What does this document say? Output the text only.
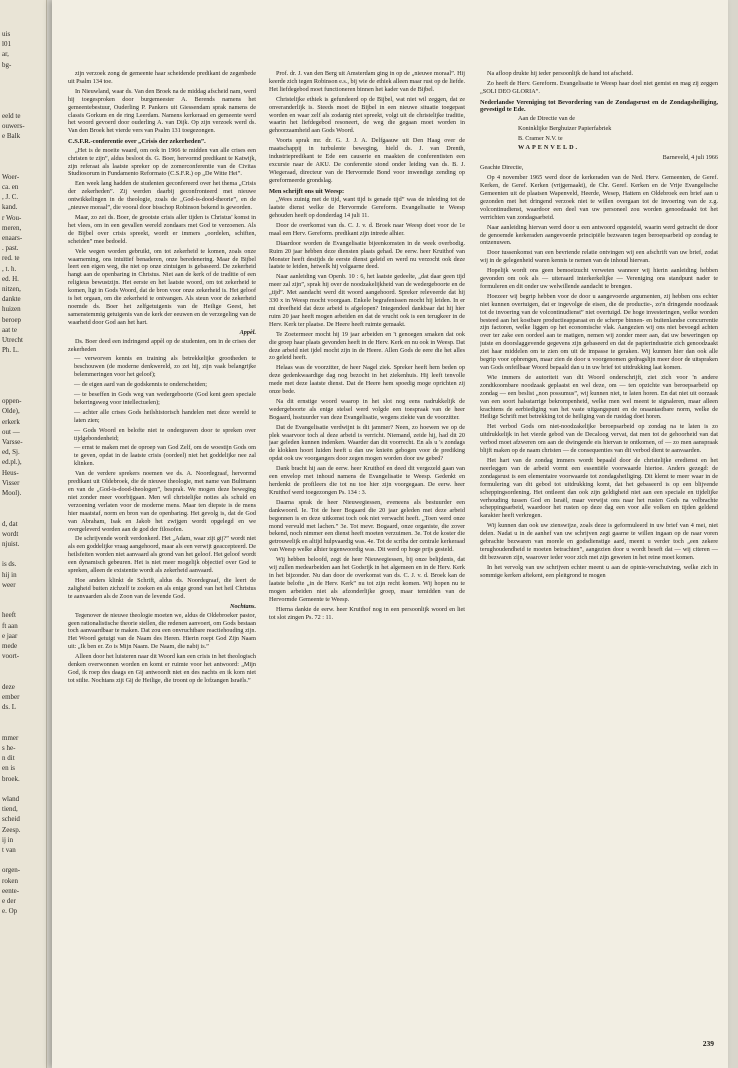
uis
l01
ar,
bg-
eeld te
ouwers-
e Balk
Woer-
ca. en
, J. C.
kand.
r Wou-
meren,
enaars-
. past.
red. te
, t. h.
ed. H.
nitzen,
dankte
huizen
beroep
aat te
Utrecht
Ph. L.
oppen-
Olde),
erkerk
out —
Varsse-
ed, Sj.
ed.pl.),
Heus-
Visser
Mool).
d, dat
wordt
njuist.
is ds.
hij in
weer
heeft
ft aan
e jaar
mede
voort-
deze
ember
ds. L
mmer
s he-
n dit
en is
broek.
wland
tiend,
scheid
Zeesp.
ij in
t van
orgen-
roken
eente-
e der
e. Op

zijn verzoek zong de gemeente haar scheidende predikant de zegenbede uit Psalm 134 toe.

In Nieuwland, waar ds. Van den Broek na de middag afscheid nam, werd hij toegesproken door burgemeester A. Berends namens het gemeentebestuur, Ouderling P. Pankers uit Giessendam sprak namens de classis Gorkum en de ring Leerdam. Namens kerkeraad en gemeente werd het woord gevoerd door ouderling A. van Dijk. Op zijn verzoek werd ds. Van den Broek het vierde vers van Psalm 131 toegezongen.

C.S.F.R.-conferentie over „Crisis der zekerheden”.

„Het is de moeite waard, om ook in 1966 te midden van alle crises een christen te zijn”, aldus besloot ds. G. Boer, hervormd predikant te Katwijk, zijn referaat als laatste spreker op de zomerconferentie van de Civitas Studiosorum in Fundamento Reformato (C.S.F.R.) op „De Witte Hei”.

Een week lang hadden de studenten geconfereerd over het thema „Crisis der zekerheden”. Zij werden daarbij geconfronteerd met nieuwe ontwikkelingen in de theologie, zoals de „God-is-dood-theorie”, en de „nieuwe moraal”, die vooral door bisschop Robinson bekend is geworden.

Maar, zo zei ds. Boer, de grootste crisis aller tijden is Christus' komst in het vlees, om in een gevallen wereld zondaars met God te verzoenen. Als de Bijbel over crisis spreekt, wordt er immers „oordelen, schiften, scheiden” mee bedoeld.

Vele wegen worden gebruikt, om tot zekerheid te komen, zoals onze waarneming, ons intuïtief benaderen, onze beredenering. Maar de Bijbel leert een eigen weg, die niet op onze zintuigen is gebaseerd. De zekerheid hangt aan de openbaring in Christus. Niet aan de kerk of de traditie of een religieus bewustzijn. Het eerste en het laatste woord, om tot zekerheid te komen, ligt in Gods Woord, dat de bron voor onze zekerheid is. Het geloof is het orgaan, om die zekerheid te ontvangen. Als steun voor de zekerheid noemde ds. Boer het zelfgetuigenis van de Heilige Geest, het samenstemmig getuigenis van de kerk der eeuwen en de verzegeling van de waarheid door God aan het hart.

Appèl.

Ds. Boer deed een indringend appèl op de studenten, om in de crises der zekerheden

— verworven kennis en training als betrekkelijke grootheden te beschouwen (de moderne denkwereld, zo zei hij, zijn vaak belangrijke belemmeringen voor het geloof);

— de eigen aard van de godskennis te onderscheiden;

— te beseffen in Gods weg van wedergeboorte (God kent geen speciale bekeringsweg voor intellectuelen);

— achter alle crises Gods heilshistorisch handelen met deze wereld te laten zien;

— Gods Woord en belofte niet te ondergraven door te spreken over tijdgebondenheid;

— ernst te maken met de oproep van God Zelf, om de woestijn Gods om te geven, opdat in de laatste crisis (oordeel) niet het goddelijke nee zal klinken.

Van de verdere sprekers noemen we ds. A. Noordegraaf, hervormd predikant uit Oldebroek, die de nieuwe theologie, met name van Bultmann en van de „God-is-dood-theologen”, besprak. We mogen deze beweging niet zonder meer voorbijgaan. Men wil christelijke noties als schuld en verzoening verlaten voor de moderne mens. Maar ten diepste is de mens hier maatstaf, norm en bron van de openbaring. Het gevolg is, dat de God van Abraham, Isak en Jakob het zwijgen wordt opgelegd en we overgeleverd worden aan de god der filosofen.

De schrijvende wordt verdonkerd. Het „Adam, waar zijt gij?” wordt niet als een goddelijke vraag aangehoord, maar als een verwijt geaccepteerd. De heilsfeiten worden niet aanvaard als grond van het geloof. Het geloof wordt een dynamisch gebeuren. Het is niet meer mogelijk objectief over God te spreken, alleen de existentie wordt als zekerheid aanvaard.

Hoe anders klinkt de Schrift, aldus ds. Noordegraaf, die leert de zaligheid buiten zichzelf te zoeken en als enige grond van het heil Christus te aanvaarden als de Zoon van de levende God.

Nochtans.

Tegenover de nieuwe theologie moeten we, aldus de Oldebroeker pastor, geen rationalistische theorie stellen, die redenen aanvoert, om Gods bestaan toch aanvaardbaar te maken. Dat zou een onvruchtbare reactiehouding zijn. Het Woord getuigt van de Naam des Heren. Hierin roept God Zijn Naam uit: „Ik ben er. Zo is Mijn Naam. De Naam, die nabij is.”

Alleen door het luisteren naar dit Woord kan een crisis in het theologisch denken overwonnen worden en komt er ruimte voor het antwoord: „Mijn God, ik roep des daags en Gij antwoordt niet en des nachts en ik kom niet tot stilte. Nochtans zijt Gij de Heilige, die troont op de lofzangen Israëls.”

Prof. dr. J. van den Berg uit Amsterdam ging in op de „nieuwe moraal”. Hij keerde zich tegen Robinson e.s., bij wie de ethiek alleen maar rust op de liefde. Het liefdegebod moet functioneren binnen het kader van de Bijbel.

Christelijke ethiek is gefundeerd op de Bijbel, wat niet wil zeggen, dat ze onveranderlijk is. Steeds moet de Bijbel in een nieuwe situatie toegepast worden en waar zelf als zodanig niet spreekt, volgt uit de christelijke traditie, waarin het liefdegebod resoneert, de weg die gegaan moet worden in gehoorzaamheid aan Gods Woord.

Voorts sprak mr. dr. G. J. J. A. Delfgaauw uit Den Haag over de maatschappij in turbulente beweging, hield ds. J. van Drenth, industriepredikant te Ede een causerie en maakten de conferentisten een excursie naar de AKU. De conferentie stond onder leiding van ds. B. J. Wiegeraad, directeur van de Hervormde Bond voor inwendige zending op gereformeerde grondslag.

Men schrijft ons uit Weesp:

„Wees zuinig met de tijd, want tijd is genade tijd” was de inleiding tot de laatste dienst welke de Hervormde Gereform. Evangelisatie te Weesp gehouden heeft op donderdag 14 juli 11.

Door de overkomst van ds. C. J. v. d. Broek naar Weesp doet voor de 1e maal een Herv. Gereform. predikant zijn intrede alhier.

Diaardoor worden de Evangelisatie bijeenkomsten in de week overbodig. Ruim 20 jaar hebben deze diensten plaats gehad. De eerw. heer Kruithof van Monster heeft destijds de eerste dienst geleid en werd nu verzocht ook deze laatste te leiden, hetwelk hij volgaarne deed.

Naar aanleiding van Openb. 10 : 6, het laatste gedeelte, „dat daar geen tijd meer zal zijn”, sprak hij over de noodzakelijkheid van de wedergeboorte en de „tijd”. Met aandacht werd dit woord aangehoord. Spreker releveerde dat hij 330 x in Weesp mocht voorgaan. Enkele begrafenissen mocht hij leiden. In er mi dreefheid dat deze arbeid is afgelopen? Integendeel dankbaar dat hij hier ruim 20 jaar heeft mogen arbeiden en dat de vrucht ook is een terugkeer in de Herv. Kerk ter plaatse. De Heere heeft ruimte gemaakt.

Te Zoetermeer mocht hij 19 jaar arbeiden en 't genoegen smaken dat ook die groep haar plaats gevonden heeft in de Herv. Kerk en nu ook in Weesp. Dat deze arbeid niet ijdel mocht zijn in de Heere. Allen Gods de eere die het alles zo geleid heeft.

Helaas was de voorzitter, de heer Nagel ziek. Spreker heeft hem beden op deze gedenkwaardige dag nog bezocht in het ziekenhuis. Hij leeft tenvolle mede met deze laatste dienst. Dat de Heere hem spoedig moge oprichten zij onze bede.

Na dit ernstige woord waarop in het slot nog eens nadrukkelijk de wedergeboorte als enige stelsel werd volgde een toespraak van de heer Bogaard, hsstuurder van deze Evangelisatie, wegens ziekte van de voorzitter.

Dat de Evangelisatie verdwijnt is dit jammer? Neen, zo hoewen we op de plek waarvoor toch al deze arbeid is verricht. Niemand, zeide hij, had dit 20 jaar geleden kunnen indenken. Waarder dan dit voorrecht. En als u 's zondags de klokken hoort luiden heeft u dan uw knieën gebogen voor de prediking opdat ook uw voorgangers door zegen mogen worden door uw gebed?

Dank bracht hij aan de eerw. heer Kruithof en deed dit vergezeld gaan van een envelop met inhoud namens de Evangelisatie te Weesp. Gedenkt en herdenkt de profileers die tot nu toe hier zijn voorgegaan. De eerw. heer Kruithof werd toegezongen Ps. 134 : 3.

Daarna sprak de heer Nieuwegiessen, eveneens als bestuurder een dankwoord. Ie. Tot de heer Bogaard die 20 jaar geleden met deze arbeid begonnen is en deze uitkomst toch ook niet verwacht heeft. „Toen werd onze mond vervuld met lachen.” 3e. Tot mevr. Bogaard, onze organiste, die zover bekend, noch nimmer een dienst heeft moeten verzuimen. 3e. Tot de koster die getrouwelijk en altijd hulpvaardig was. 4e. Tot de scriba der centrale kerkeraad van Weesp welke alhier tegenwoordig was. Dit werd op hoge prijs gesteld.

Wij hebben beloofd, zegt de heer Nieuwegiessen, bij onze belijdenis, dat wij zullen medearbeiden aan het Godsrijk in het algemeen en in de Herv. Kerk in het bijzonder. Nu dan door de overkomst van ds. C. J. v. d. Broek kan de laatste belofte „in de Herv. Kerk” nu tot zijn recht komen. Wij hopen nu te mogen arbeiden niet als afzonderlijke groep, maar temidden van de Hervormde Gemeente te Weesp.

Hierna dankte de eerw. heer Kruithof nog in een persoonlijk woord en liet tot slot zingen Ps. 72 : 11.

Na afloop drukte hij ieder persoonlijk de hand tot afscheid.

Zo heeft de Herv. Gereform. Evangelisatie te Weesp haar doel niet gemist en mag zij zeggen „SOLI DEO GLORIA”.

Nederlandse Vereniging tot Bevordering van de Zondagsrust en de Zondagsheiliging, gevestigd te Ede.

Aan de Directie van de

Koninklijke Berghuizer Papierfabriek

B. Cramer N.V. te

WAPENVELD.

Barneveld, 4 juli 1966

Geachte Directie,

Op 4 november 1965 werd door de kerkeraden van de Ned. Herv. Gemeenten, de Geref. Kerken, de Geref. Kerken (vrijgemaakt), de Chr. Geref. Kerken en de Vrije Evangelische Gemeenten uit de plaatsen Wapenveld, Heerde, Wesep, Hattem en Oldebroek een brief aan u gezonden met het dringend verzoek niet te willen overgaan tot de invoering van de z.g. volcontinudienst, waardoor een deel van uw personeel zou worden genoodzaakt tot het verrichten van zondagsarbeid.

Naar aanleiding hiervan werd door u een antwoord opgesteld, waarin werd getracht de door de genoemde kerkeraden aangevoerde principiële bezwaren tegen beroepsarbeid op zondag te ontzenuwen.

Door tussenkomst van een bevriende relatie ontvingen wij een afschrift van uw brief, zodat wij in de gelegenheid waren kennis te nemen van de inhoud hiervan.

Hopelijk wordt ons geen bemoeizucht verweten wanneer wij hierin aanleiding hebben gevonden om ook als — uiteraard interkerkelijke — Vereniging ons standpunt nader te formuleren en dit onder uw welwillende aandacht te brengen.

Hoezeer wij begrip hebben voor de door u aangevoerde argumenten, zij hebben ons echter niet kunnen overtuigen, dat er ingevolge de eisen, die de productie-, zo'n dringende noodzaak tot de invoering van de volcontinudienst” niet overtuigd. De hoge investeringen, welke worden besteed aan het kostbare productieapparaat en de scherpe binnen- en buitenlandse concurrentie zijn factoren, welke liggen op het economische vlak. Aangezien wij ons niet bevoegd achten over ter zake een oordeel aan te matigen, nemen wij zonder meer aan, dat uw beweringen op juiste en doorslaggevende gegevens zijn gebaseerd en dat de papierindustrie zich genoodzaakt ziet haar middelen om te zien om uit de impasse te geraken. Wij kunnen hier dan ook alle begrip voor opbrengen, maar zien de door u voorgenomen gedragslijn meer door de uitspraken van Gods onfeilbaar Woord bepaald dan u in uw brief tot uitdrukking laat komen.

Wie immers de autoriteit van dit Woord onderschrijft, ziet zich voor 'n andere zondtkoombare noodzaak geplaatst en wel deze, om — ten opzichte van beroepsarbeid op zondag — een beslist „non possumus”, wij kunnen niet, te laten horen. En dat niet uit oorzaak van een soort halsstarrige bekrompenheid, welke men wel meent te signaleren, maar alleen krachtens de eerbiediging van het vaste uitgangspunt en de onaantastbare norm, welke de Heilige Schrift met betrekking tot de heiliging van de rustdag doet horen.

Het verbod Gods om niet-noodzakelijke beroepsarbeid op zondag na te laten is zo uitdrukkelijk in het vierde gebod van de Decaloog vervat, dat men tot de gehoorheid van dat verbod moet afzweren om aan de dwingende eis hiervan te ontkomen, of — zo men aanspraak blijft maken op de naam christen — de consequenties van dit verbod dient te aanvaarden.

Het hart van de zondag immers wordt bepaald door de christelijke eredienst en het neerleggen van de arbeid vormt een essentiële voorwaarde hiertoe. Anders gezegd: de zondagsrust is een elementaire voorwaarde tot zondagsheiliging. Dit klemt te meer waar in de formulering van dit gebod tot uitdrukking komt, dat het gebaseerd is op een blijvende scheppingsordening. Het ontleent dan ook zijn geldigheid niet aan een speciale en tijdelijke verhouding tussen God en Israël, maar verwijst ons naar het rusten Gods na volbrachte scheppingsarbeid, waardoor het rusten op deze dag een voor alle volken en tijden geldend karakter heeft verkregen.

Wij kunnen dan ook uw zienswijze, zoals deze is geformuleerd in uw brief van 4 mei, niet delen. Nadat u in de aanhef van uw schrijven zegt gaarne te willen ingaan op de naar voren gebrachte bezwaren van morele en godsdienstige aard, meent u verder toch „een zekere terughoudendheid te moeten betrachten”, aangezien door u wordt beseft dat — wij citeren — dit bezwaren zijn, waarover ieder voor zich met zijn geweten in het reine moet komen.

In het vervolg van uw schrijven echter meent u aan de opinie-verschuiving, welke zich in sommige kerken aftekent, een pleitgrond te mogen

239
